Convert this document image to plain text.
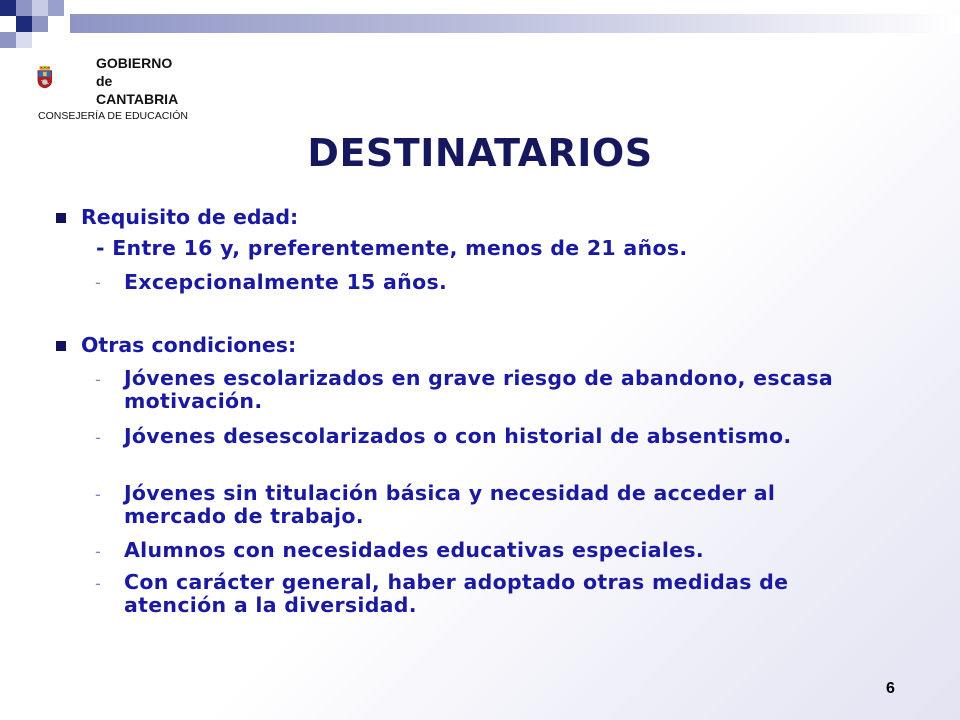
GOBIERNO
de
CANTABRIA
CONSEJERÍA DE EDUCACIÓN
DESTINATARIOS
Requisito de edad:
- Entre 16 y, preferentemente, menos de 21 años.
- Excepcionalmente 15 años.
Otras condiciones:
- Jóvenes escolarizados en grave riesgo de abandono, escasa motivación.
- Jóvenes desescolarizados o con historial de absentismo.
- Jóvenes sin titulación básica y necesidad de acceder al mercado de trabajo.
- Alumnos con necesidades educativas especiales.
- Con carácter general, haber adoptado otras medidas de atención a la diversidad.
6
